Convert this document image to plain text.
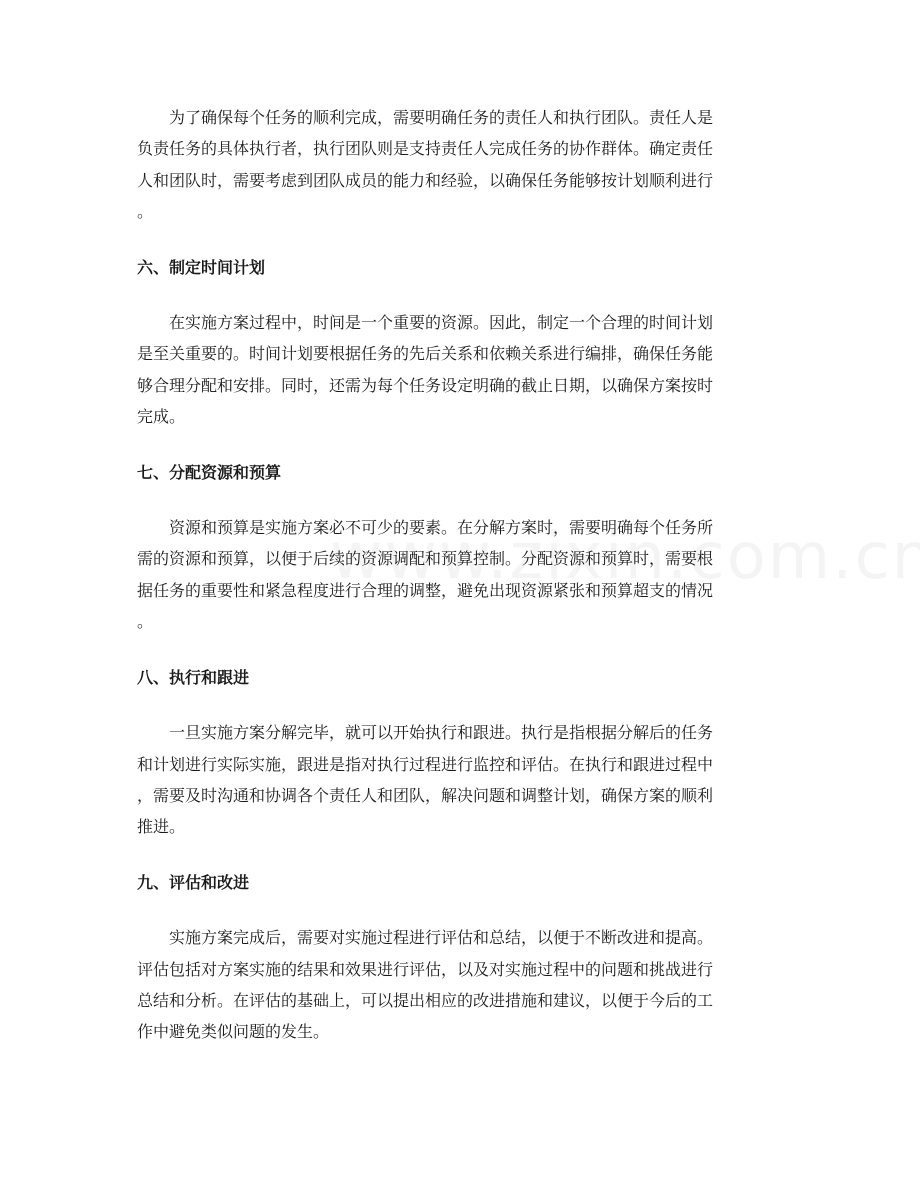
为了确保每个任务的顺利完成，需要明确任务的责任人和执行团队。责任人是
负责任务的具体执行者，执行团队则是支持责任人完成任务的协作群体。确定责任
人和团队时，需要考虑到团队成员的能力和经验，以确保任务能够按计划顺利进行
。

六、制定时间计划

在实施方案过程中，时间是一个重要的资源。因此，制定一个合理的时间计划
是至关重要的。时间计划要根据任务的先后关系和依赖关系进行编排，确保任务能
够合理分配和安排。同时，还需为每个任务设定明确的截止日期，以确保方案按时
完成。

七、分配资源和预算

资源和预算是实施方案必不可少的要素。在分解方案时，需要明确每个任务所
需的资源和预算，以便于后续的资源调配和预算控制。分配资源和预算时，需要根
据任务的重要性和紧急程度进行合理的调整，避免出现资源紧张和预算超支的情况
。

八、执行和跟进

一旦实施方案分解完毕，就可以开始执行和跟进。执行是指根据分解后的任务
和计划进行实际实施，跟进是指对执行过程进行监控和评估。在执行和跟进过程中
，需要及时沟通和协调各个责任人和团队，解决问题和调整计划，确保方案的顺利
推进。

九、评估和改进

实施方案完成后，需要对实施过程进行评估和总结，以便于不断改进和提高。
评估包括对方案实施的结果和效果进行评估，以及对实施过程中的问题和挑战进行
总结和分析。在评估的基础上，可以提出相应的改进措施和建议，以便于今后的工
作中避免类似问题的发生。
